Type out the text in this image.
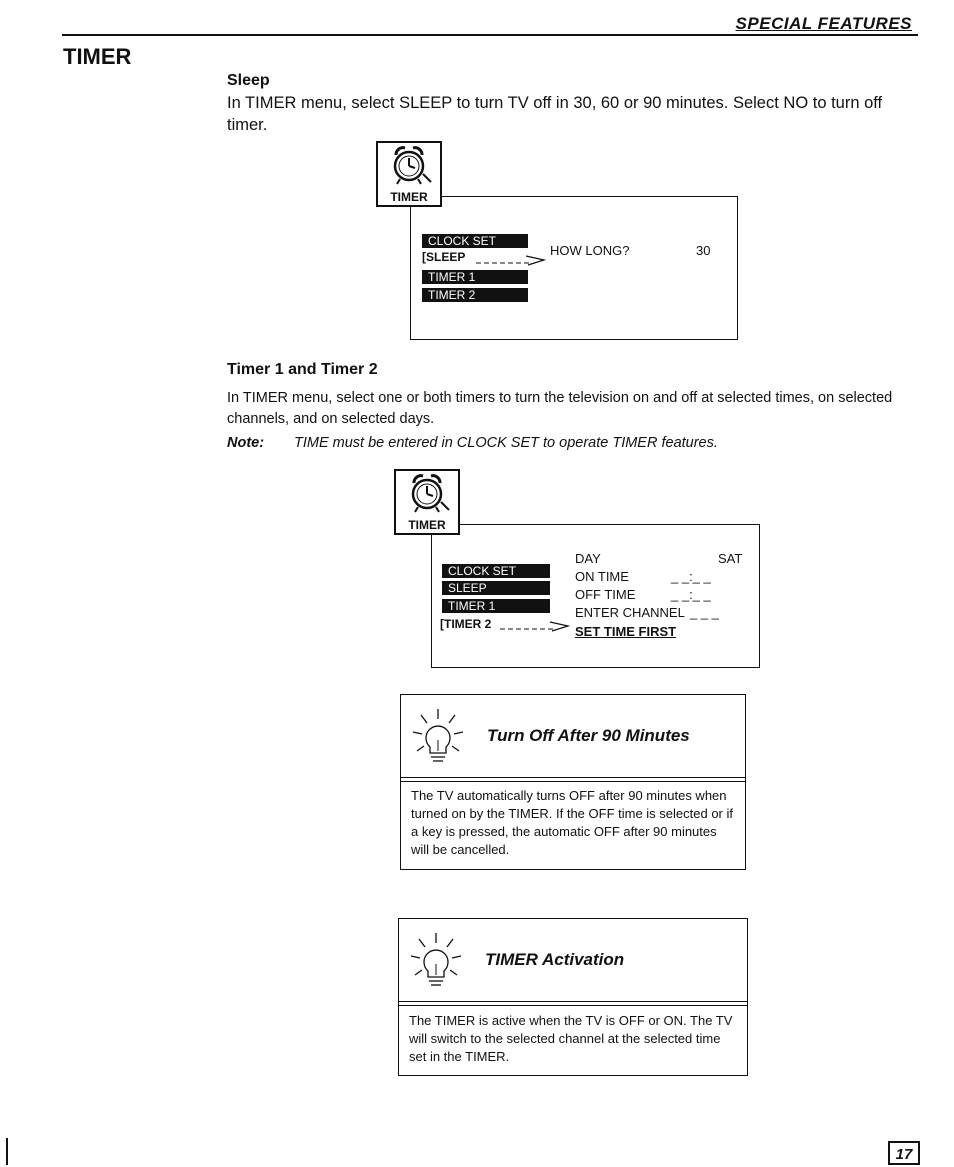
SPECIAL FEATURES
TIMER
Sleep
In TIMER menu, select SLEEP to turn TV off in 30, 60 or 90 minutes. Select NO to turn off timer.
TIMER
CLOCK SET
[SLEEP
TIMER 1
TIMER 2
HOW LONG?	30
Timer 1 and Timer 2
In TIMER menu, select one or both timers to turn the television on and off at selected times, on selected channels, and on selected days.
Note: TIME must be entered in CLOCK SET to operate TIMER features.
TIMER
CLOCK SET
SLEEP
TIMER 1
[TIMER 2
DAY	SAT
ON TIME	_ _:_ _
OFF TIME	_ _:_ _
ENTER CHANNEL _ _ _
SET TIME FIRST
Turn Off After 90 Minutes
The TV automatically turns OFF after 90 minutes when turned on by the TIMER. If the OFF time is selected or if a key is pressed, the automatic OFF after 90 minutes will be cancelled.
TIMER Activation
The TIMER is active when the TV is OFF or ON. The TV will switch to the selected channel at the selected time set in the TIMER.
17
